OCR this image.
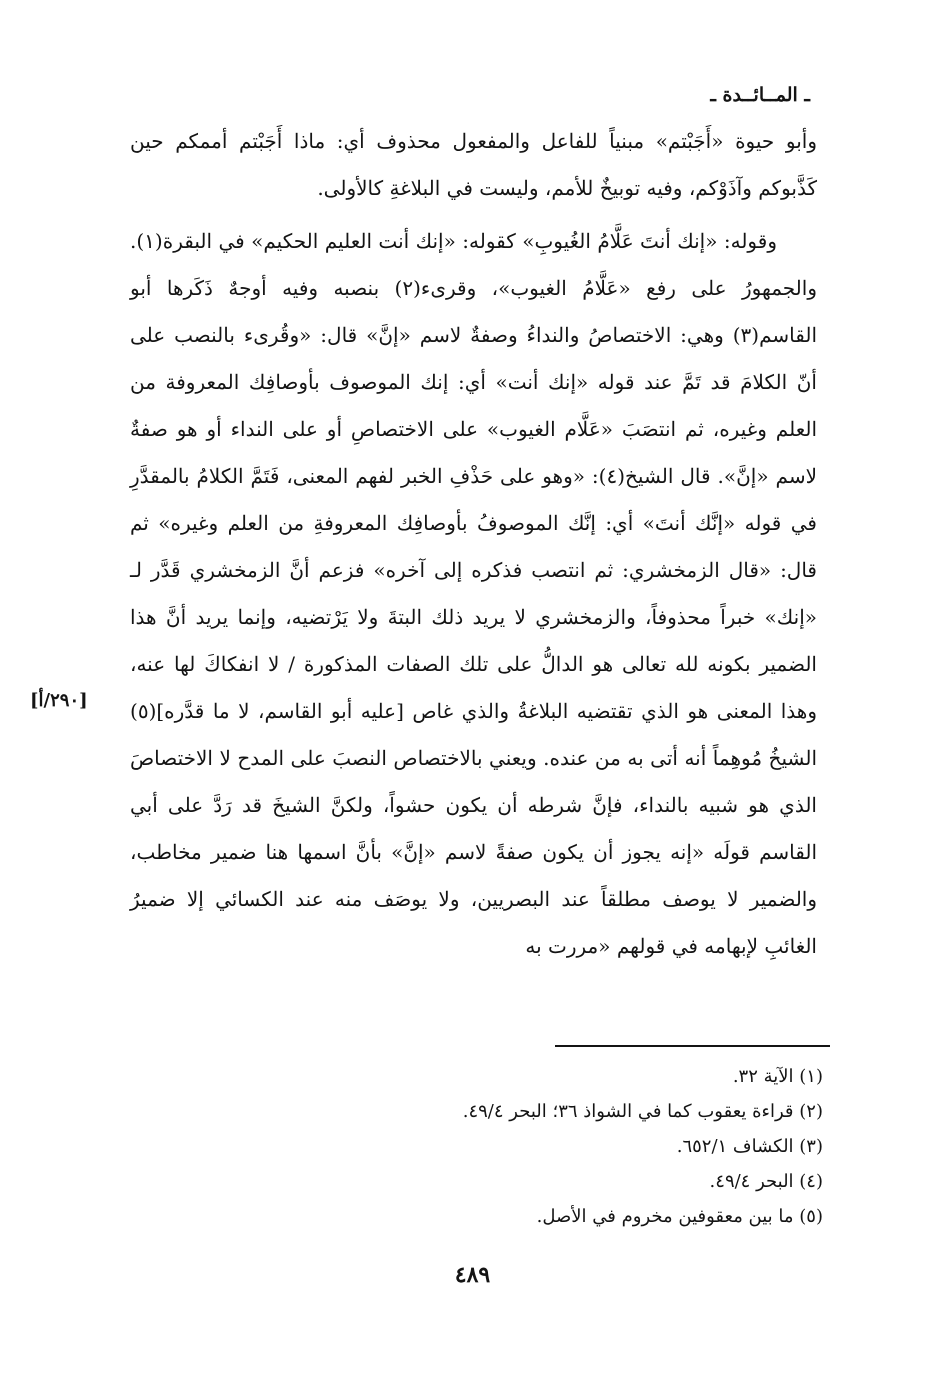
ـ المــائــدة ـ

وأبو حيوة «أَجَبْتم» مبنياً للفاعل والمفعول محذوف أي: ماذا أَجَبْتم أممكم حين كَذَّبوكم وآذَوْكم، وفيه توبيخٌ للأمم، وليست في البلاغةِ كالأولى.

وقوله: «إنك أنتَ عَلَّامُ الغُيوبِ» كقوله: «إنك أنت العليم الحكيم» في البقرة(١). والجمهورُ على رفع «عَلَّامُ الغيوب»، وقرىء(٢) بنصبه وفيه أوجهٌ ذَكَرها أبو القاسم(٣) وهي: الاختصاصُ والنداءُ وصفةٌ لاسم «إنَّ» قال: «وقُرىء بالنصب على أنّ الكلامَ قد تَمَّ عند قوله «إنك أنت» أي: إنك الموصوف بأوصافِك المعروفة من العلم وغيره، ثم انتصَبَ «عَلَّام الغيوب» على الاختصاصِ أو على النداء أو هو صفةٌ لاسم «إنَّ». قال الشيخ(٤): «وهو على حَذْفِ الخبر لفهم المعنى، فَتَمَّ الكلامُ بالمقدَّرِ في قوله «إنَّك أنتَ» أي: إنَّك الموصوفُ بأوصافِك المعروفةِ من العلم وغيره» ثم قال: «قال الزمخشري: ثم انتصب فذكره إلى آخره» فزعم أنَّ الزمخشري قَدَّر لـ «إنك» خبراً محذوفاً، والزمخشري لا يريد ذلك البتةَ ولا يَرْتضيه، وإنما يريد أنَّ هذا الضمير بكونه لله تعالى هو الدالُّ على تلك الصفات المذكورة / لا انفكاكَ لها عنه، وهذا المعنى هو الذي تقتضيه البلاغةُ والذي غاص [عليه أبو القاسم، لا ما قدَّره](٥) الشيخُ مُوهِماً أنه أتى به من عنده. ويعني بالاختصاص النصبَ على المدح لا الاختصاصَ الذي هو شبيه بالنداء، فإنَّ شرطه أن يكون حشواً، ولكنَّ الشيخَ قد رَدَّ على أبي القاسم قولَه «إنه يجوز أن يكون صفةً لاسم «إنَّ» بأنَّ اسمها هنا ضمير مخاطب، والضمير لا يوصف مطلقاً عند البصريين، ولا يوصَف منه عند الكسائي إلا ضميرُ الغائبِ لإبهامه في قولهم «مررت به

[٢٩٠/أ]
(١) الآية ٣٢.
(٢) قراءة يعقوب كما في الشواذ ٣٦؛ البحر ٤٩/٤.
(٣) الكشاف ٦٥٢/١.
(٤) البحر ٤٩/٤.
(٥) ما بين معقوفين مخروم في الأصل.
٤٨٩
